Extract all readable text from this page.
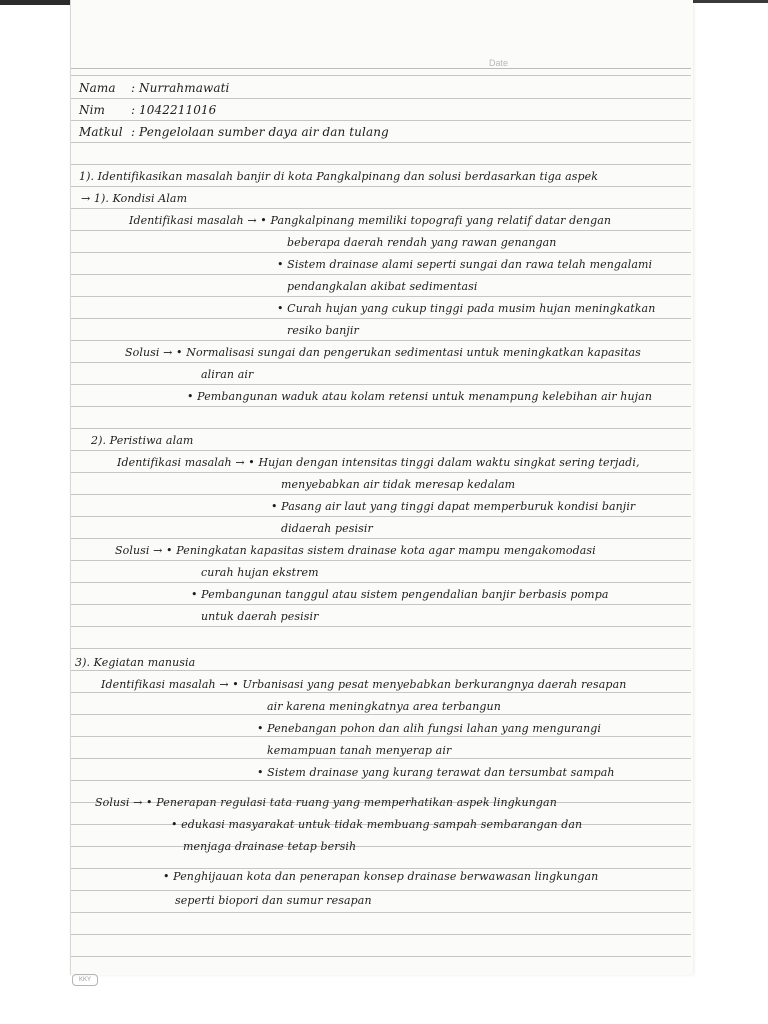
Date
Nama : Nurrahmawati
Nim : 1042211016
Matkul : Pengelolaan sumber daya air dan tulang
1). Identifikasikan masalah banjir di kota Pangkalpinang dan solusi berdasarkan tiga aspek
→ 1). Kondisi Alam
Identifikasi masalah → • Pangkalpinang memiliki topografi yang relatif datar dengan
beberapa daerah rendah yang rawan genangan
• Sistem drainase alami seperti sungai dan rawa telah mengalami
pendangkalan akibat sedimentasi
• Curah hujan yang cukup tinggi pada musim hujan meningkatkan
resiko banjir
Solusi → • Normalisasi sungai dan pengerukan sedimentasi untuk meningkatkan kapasitas
aliran air
• Pembangunan waduk atau kolam retensi untuk menampung kelebihan air hujan
2). Peristiwa alam
Identifikasi masalah → • Hujan dengan intensitas tinggi dalam waktu singkat sering terjadi,
menyebabkan air tidak meresap kedalam
• Pasang air laut yang tinggi dapat memperburuk kondisi banjir
didaerah pesisir
Solusi → • Peningkatan kapasitas sistem drainase kota agar mampu mengakomodasi
curah hujan ekstrem
• Pembangunan tanggul atau sistem pengendalian banjir berbasis pompa
untuk daerah pesisir
3). Kegiatan manusia
Identifikasi masalah → • Urbanisasi yang pesat menyebabkan berkurangnya daerah resapan
air karena meningkatnya area terbangun
• Penebangan pohon dan alih fungsi lahan yang mengurangi
kemampuan tanah menyerap air
• Sistem drainase yang kurang terawat dan tersumbat sampah
Solusi → • Penerapan regulasi tata ruang yang memperhatikan aspek lingkungan
• edukasi masyarakat untuk tidak membuang sampah sembarangan dan
menjaga drainase tetap bersih
• Penghijauan kota dan penerapan konsep drainase berwawasan lingkungan
seperti biopori dan sumur resapan
KKY
